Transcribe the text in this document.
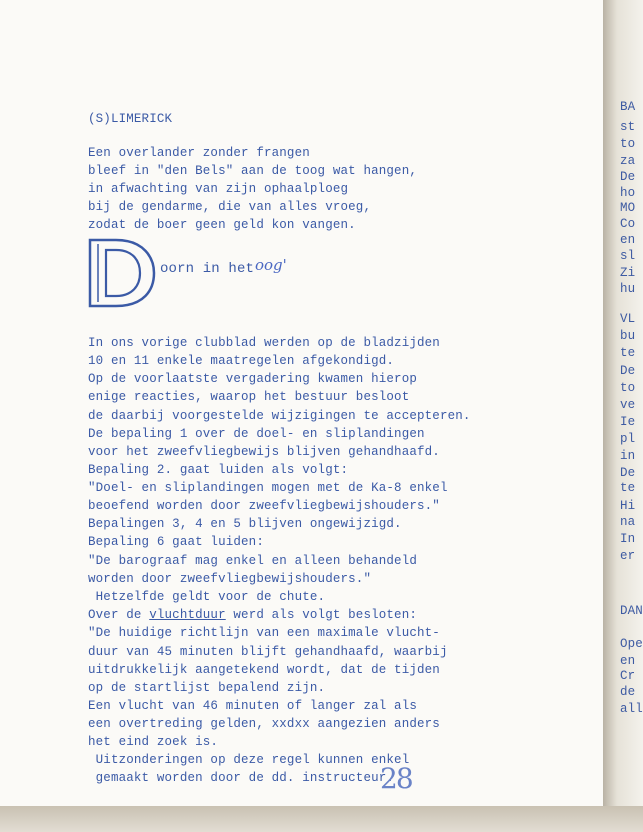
(S)LIMERICK
Een overlander zonder frangen
bleef in "den Bels" aan de toog wat hangen,
in afwachting van zijn ophaalploeg
bij de gendarme, die van alles vroeg,
zodat de boer geen geld kon vangen.
D
oorn in het oog'
In ons vorige clubblad werden op de bladzijden
10 en 11 enkele maatregelen afgekondigd.
Op de voorlaatste vergadering kwamen hierop
enige reacties, waarop het bestuur besloot
de daarbij voorgestelde wijzigingen te accepteren.
De bepaling 1 over de doel- en sliplandingen
voor het zweefvliegbewijs blijven gehandhaafd.
Bepaling 2. gaat luiden als volgt:
"Doel- en sliplandingen mogen met de Ka-8 enkel
beoefend worden door zweefvliegbewijshouders."
Bepalingen 3, 4 en 5 blijven ongewijzigd.
Bepaling 6 gaat luiden:
"De barograaf mag enkel en alleen behandeld
worden door zweefvliegbewijshouders."
Hetzelfde geldt voor de chute.
Over de vluchtduur werd als volgt besloten:
"De huidige richtlijn van een maximale vlucht-
duur van 45 minuten blijft gehandhaafd, waarbij
uitdrukkelijk aangetekend wordt, dat de tijden
op de startlijst bepalend zijn.
Een vlucht van 46 minuten of langer zal als
een overtreding gelden, xxdxx aangezien anders
het eind zoek is.
Uitzonderingen op deze regel kunnen enkel
gemaakt worden door de dd. instructeur.
28
BA
st
to
za
De
ho
MO
Co
en
sl
Zi
hu
VL
bu
te
De
to
ve
Ie
pl
in
De
te
Hi
na
In
er
DAN
Ope
en
Cr
de
all
